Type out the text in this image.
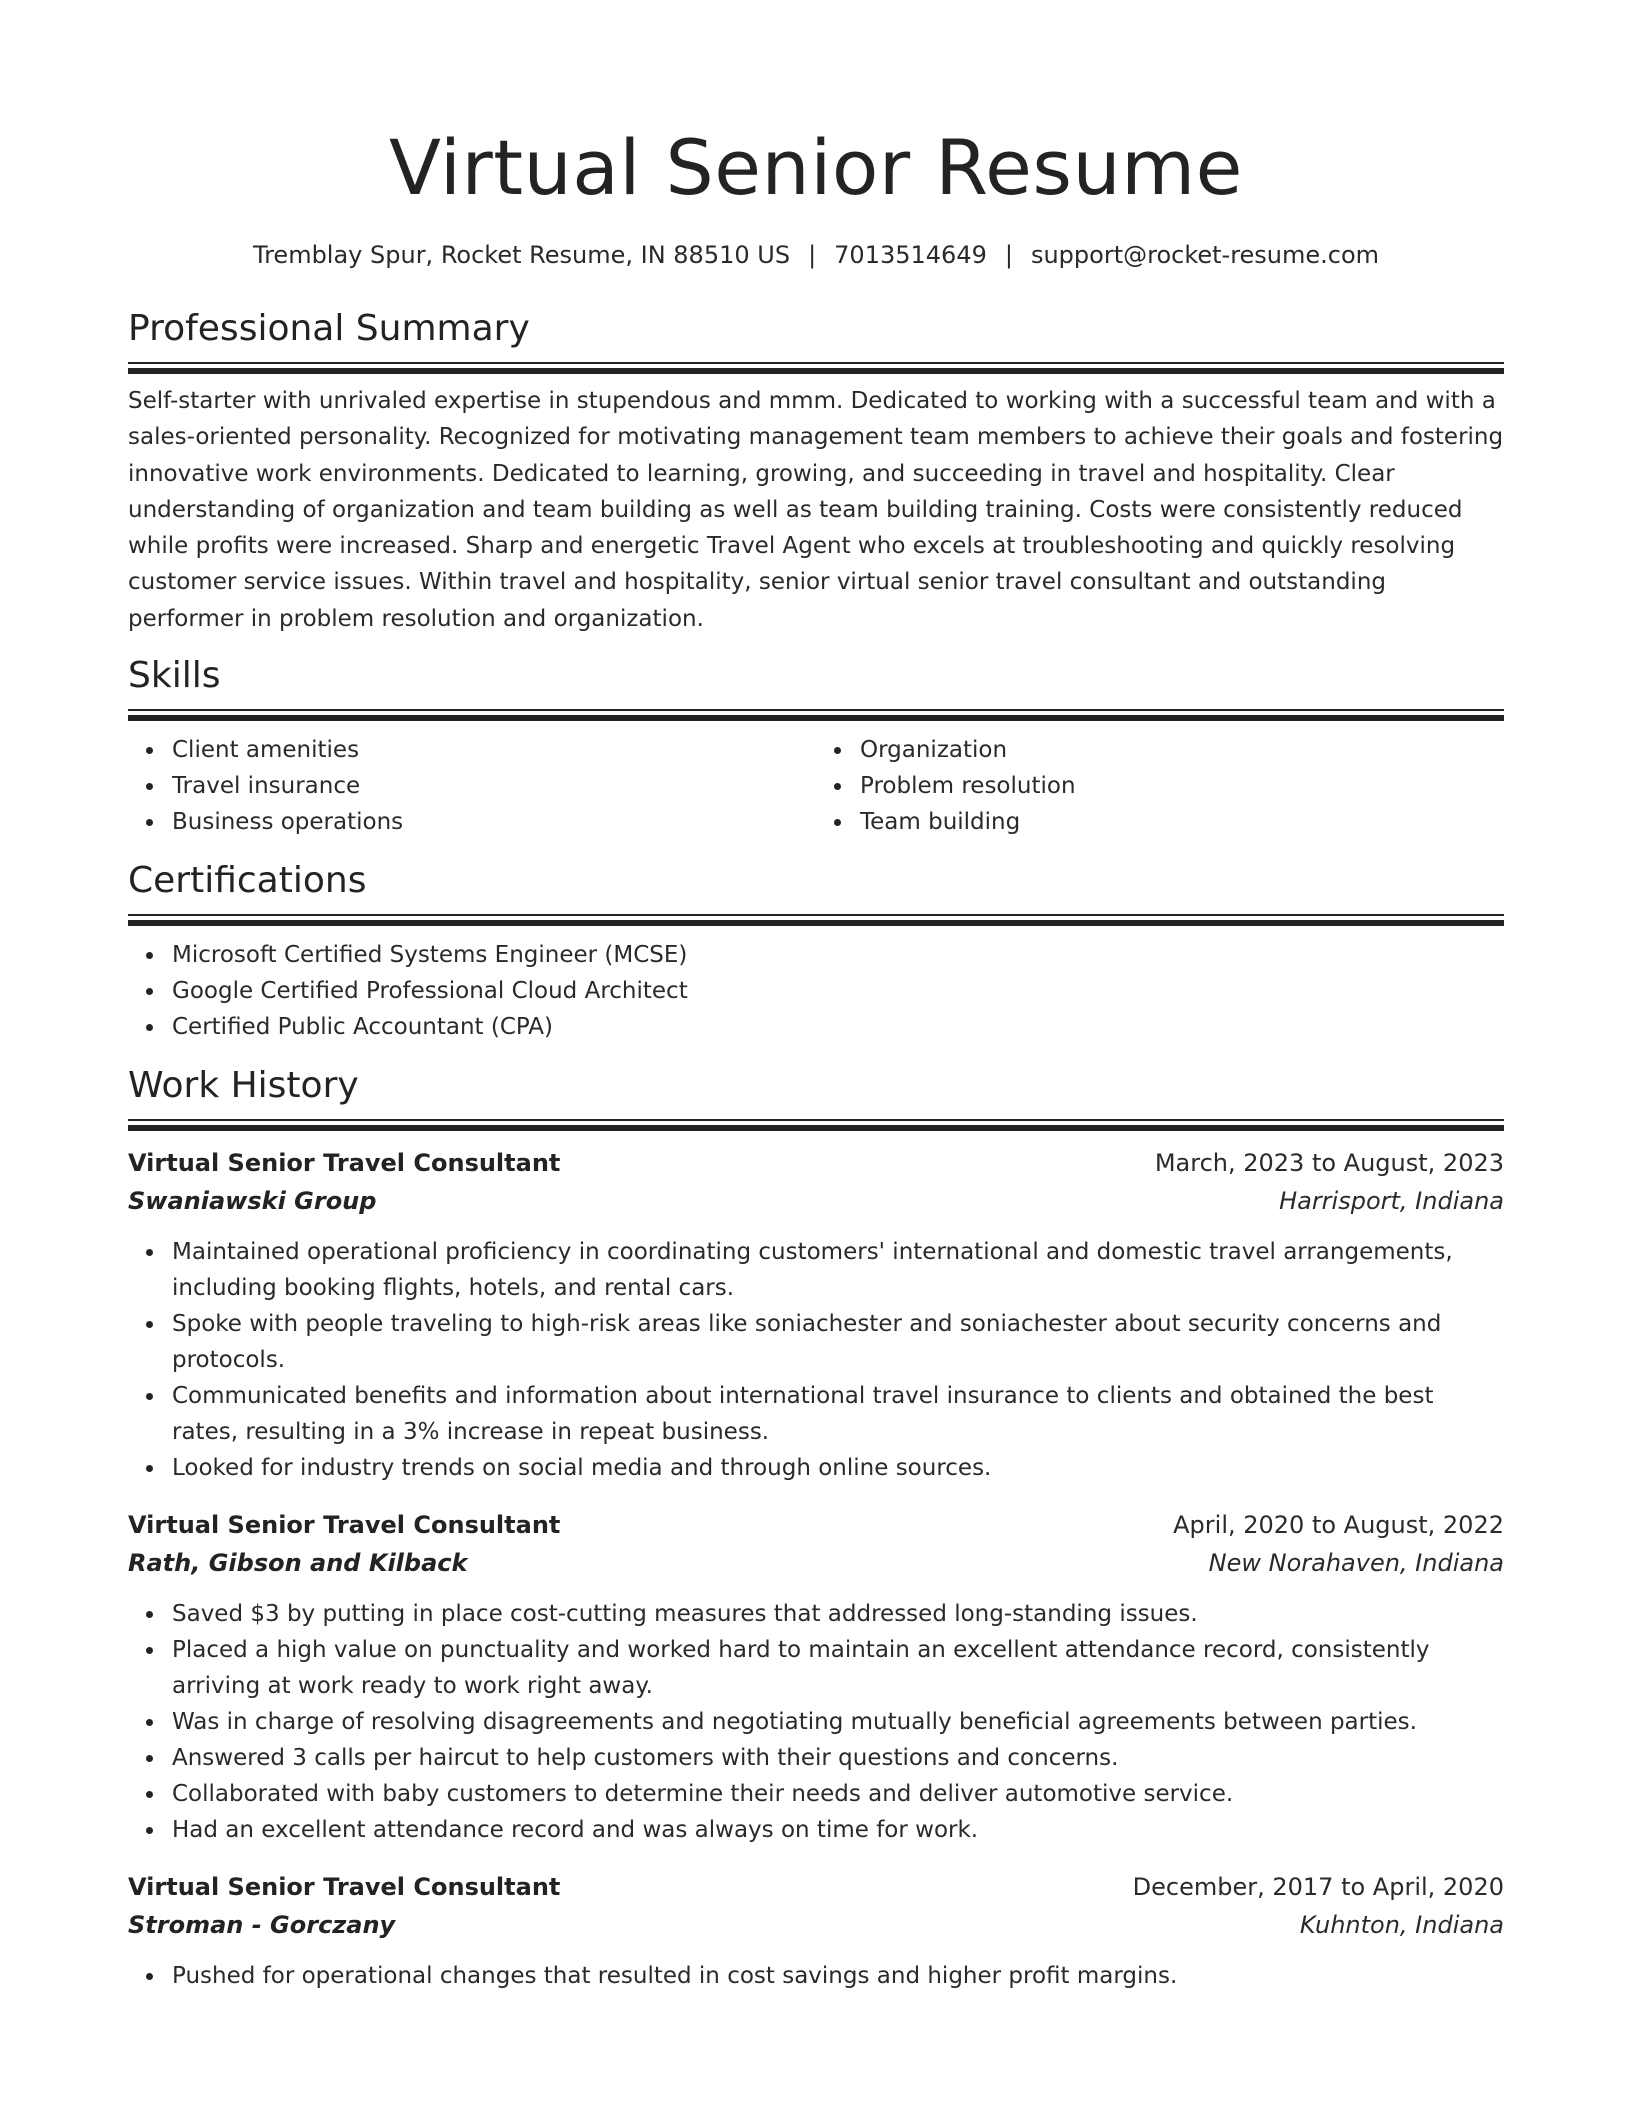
Virtual Senior Resume
Tremblay Spur, Rocket Resume, IN 88510 US | 7013514649 | support@rocket-resume.com
Professional Summary
Self-starter with unrivaled expertise in stupendous and mmm. Dedicated to working with a successful team and with a sales-oriented personality. Recognized for motivating management team members to achieve their goals and fostering innovative work environments. Dedicated to learning, growing, and succeeding in travel and hospitality. Clear understanding of organization and team building as well as team building training. Costs were consistently reduced while profits were increased. Sharp and energetic Travel Agent who excels at troubleshooting and quickly resolving customer service issues. Within travel and hospitality, senior virtual senior travel consultant and outstanding performer in problem resolution and organization.
Skills
Client amenities
Travel insurance
Business operations
Organization
Problem resolution
Team building
Certifications
Microsoft Certified Systems Engineer (MCSE)
Google Certified Professional Cloud Architect
Certified Public Accountant (CPA)
Work History
Virtual Senior Travel Consultant	March, 2023 to August, 2023
Swaniawski Group	Harrisport, Indiana
Maintained operational proficiency in coordinating customers' international and domestic travel arrangements, including booking flights, hotels, and rental cars.
Spoke with people traveling to high-risk areas like soniachester and soniachester about security concerns and protocols.
Communicated benefits and information about international travel insurance to clients and obtained the best rates, resulting in a 3% increase in repeat business.
Looked for industry trends on social media and through online sources.
Virtual Senior Travel Consultant	April, 2020 to August, 2022
Rath, Gibson and Kilback	New Norahaven, Indiana
Saved $3 by putting in place cost-cutting measures that addressed long-standing issues.
Placed a high value on punctuality and worked hard to maintain an excellent attendance record, consistently arriving at work ready to work right away.
Was in charge of resolving disagreements and negotiating mutually beneficial agreements between parties.
Answered 3 calls per haircut to help customers with their questions and concerns.
Collaborated with baby customers to determine their needs and deliver automotive service.
Had an excellent attendance record and was always on time for work.
Virtual Senior Travel Consultant	December, 2017 to April, 2020
Stroman - Gorczany	Kuhnton, Indiana
Pushed for operational changes that resulted in cost savings and higher profit margins.
